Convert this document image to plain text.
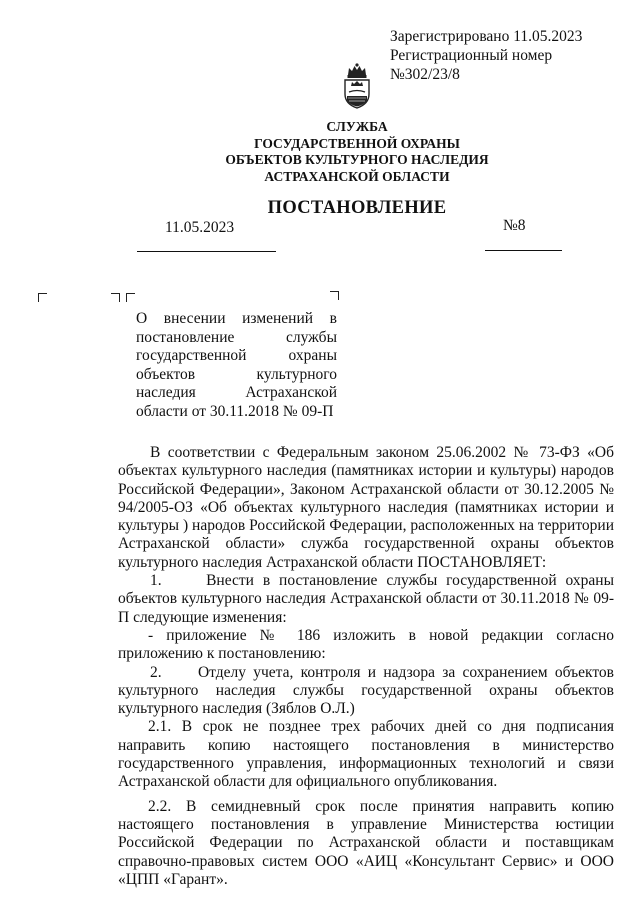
Зарегистрировано 11.05.2023
Регистрационный номер
№302/23/8
СЛУЖБА
ГОСУДАРСТВЕННОЙ ОХРАНЫ
ОБЪЕКТОВ КУЛЬТУРНОГО НАСЛЕДИЯ
АСТРАХАНСКОЙ ОБЛАСТИ
ПОСТАНОВЛЕНИЕ
11.05.2023	№8
О внесении изменений в
постановление службы
государственной охраны
объектов культурного
наследия Астраханской
области от 30.11.2018 № 09-П

В соответствии с Федеральным законом 25.06.2002 № 73-ФЗ «Об объектах культурного наследия (памятниках истории и культуры) народов Российской Федерации», Законом Астраханской области от 30.12.2005 № 94/2005-ОЗ «Об объектах культурного наследия (памятниках истории и культуры ) народов Российской Федерации, расположенных на территории Астраханской области» служба государственной охраны объектов культурного наследия Астраханской области ПОСТАНОВЛЯЕТ:

1.     Внести в постановление службы государственной охраны объектов культурного наследия Астраханской области от 30.11.2018 № 09-П следующие изменения:

- приложение № 186 изложить в новой редакции согласно приложению к постановлению:

2.     Отделу учета, контроля и надзора за сохранением объектов культурного наследия службы государственной охраны объектов культурного наследия (Зяблов О.Л.)

2.1. В срок не позднее трех рабочих дней со дня подписания направить копию настоящего постановления в министерство государственного управления, информационных технологий и связи Астраханской области для официального опубликования.

2.2. В семидневный срок после принятия направить копию настоящего постановления в управление Министерства юстиции Российской Федерации по Астраханской области и поставщикам справочно-правовых систем ООО «АИЦ «Консультант Сервис» и ООО «ЦПП «Гарант».
